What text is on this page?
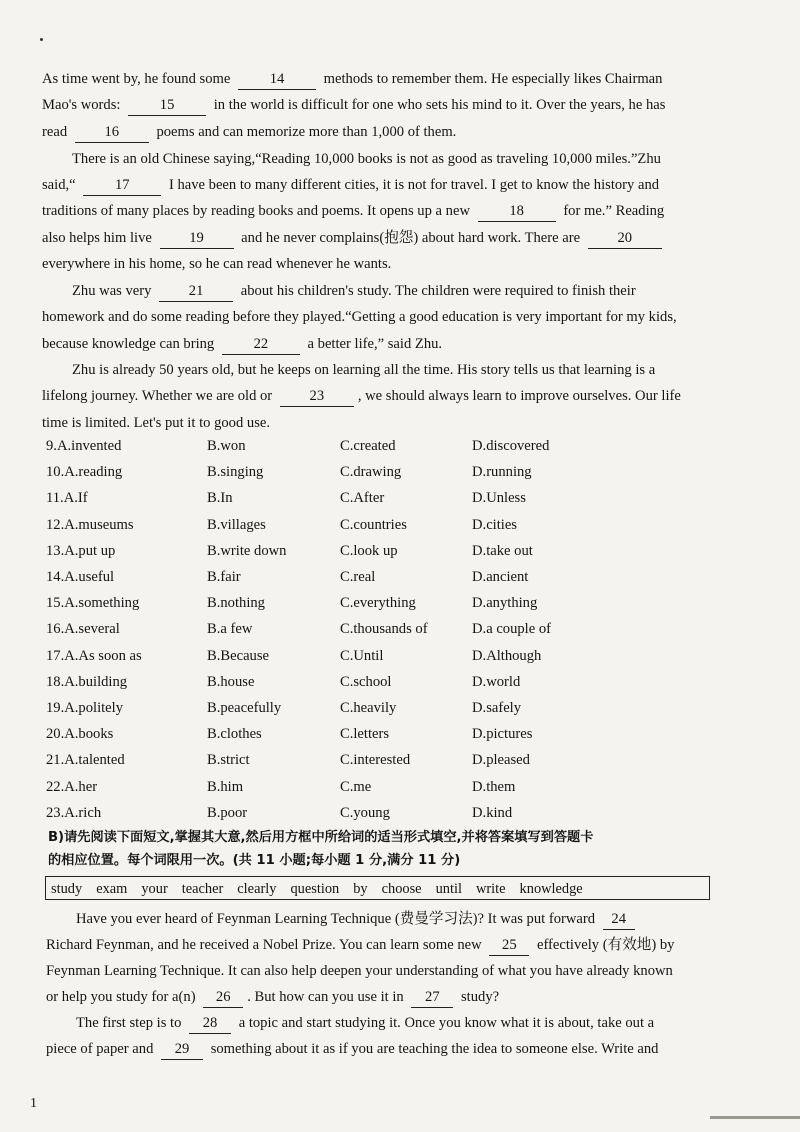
As time went by, he found some	14	methods to remember them. He especially likes Chairman

Mao's words:	15	in the world is difficult for one who sets his mind to it. Over the years, he has

read	16	poems and can memorize more than 1,000 of them.

There is an old Chinese saying,“Reading 10,000 books is not as good as traveling 10,000 miles.”Zhu

said,“	17	I have been to many different cities, it is not for travel. I get to know the history and

traditions of many places by reading books and poems. It opens up a new	18	for me.” Reading

also helps him live	19	and he never complains(抱怨) about hard work. There are	20

everywhere in his home, so he can read whenever he wants.

Zhu was very	21	about his children's study. The children were required to finish their

homework and do some reading before they played.“Getting a good education is very important for my kids,

because knowledge can bring	22	a better life,” said Zhu.

Zhu is already 50 years old, but he keeps on learning all the time. His story tells us that learning is a

lifelong journey. Whether we are old or	23 , we should always learn to improve ourselves. Our life

time is limited. Let's put it to good use.

9.A.invented	B.won	C.created	D.discovered
10.A.reading	B.singing	C.drawing	D.running
11.A.If	B.In	C.After	D.Unless
12.A.museums	B.villages	C.countries	D.cities
13.A.put up	B.write down	C.look up	D.take out
14.A.useful	B.fair	C.real	D.ancient
15.A.something	B.nothing	C.everything	D.anything
16.A.several	B.a few	C.thousands of	D.a couple of
17.A.As soon as	B.Because	C.Until	D.Although
18.A.building	B.house	C.school	D.world
19.A.politely	B.peacefully	C.heavily	D.safely
20.A.books	B.clothes	C.letters	D.pictures
21.A.talented	B.strict	C.interested	D.pleased
22.A.her	B.him	C.me	D.them
23.A.rich	B.poor	C.young	D.kind
B)请先阅读下面短文,掌握其大意,然后用方框中所给词的适当形式填空,并将答案填写到答题卡
的相应位置。每个词限用一次。(共 11 小题;每小题 1 分,满分 11 分)
study exam your teacher clearly question by choose until write knowledge

Have you ever heard of Feynman Learning Technique (费曼学习法)? It was put forward 24

Richard Feynman, and he received a Nobel Prize. You can learn some new 25 effectively (有效地) by

Feynman Learning Technique. It can also help deepen your understanding of what you have already known

or help you study for a(n) 26 . But how can you use it in 27 study?

The first step is to 28 a topic and start studying it. Once you know what it is about, take out a

piece of paper and 29 something about it as if you are teaching the idea to someone else. Write and

1
